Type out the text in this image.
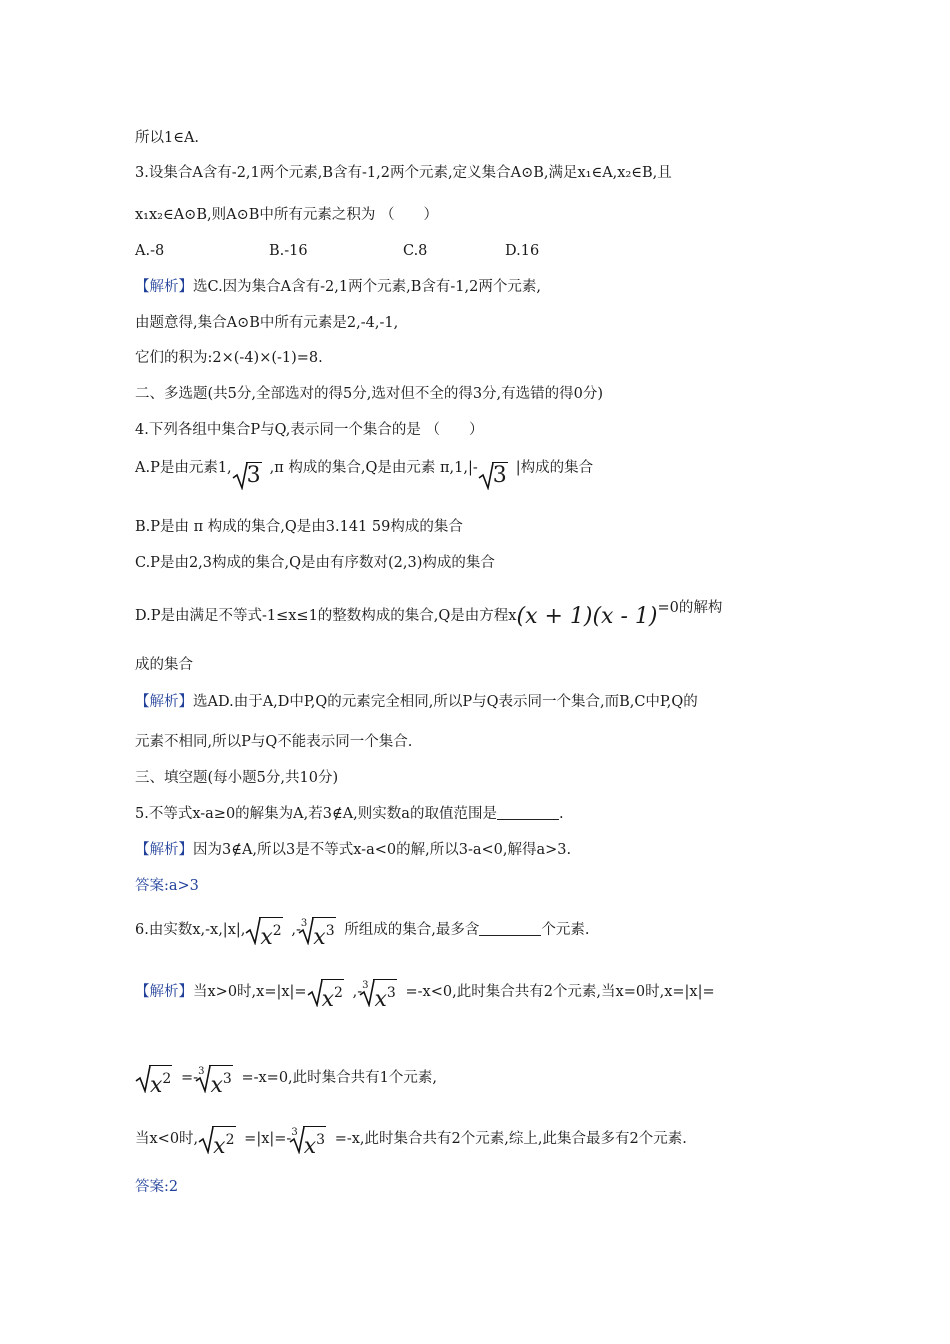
所以1∈A.
3.设集合A含有-2,1两个元素,B含有-1,2两个元素,定义集合A⊙B,满足x₁∈A,x₂∈B,且
x₁x₂∈A⊙B,则A⊙B中所有元素之积为 （　　）
A.-8	B.-16	C.8	D.16
【解析】选C.因为集合A含有-2,1两个元素,B含有-1,2两个元素,
由题意得,集合A⊙B中所有元素是2,-4,-1,
它们的积为:2×(-4)×(-1)=8.
二、多选题(共5分,全部选对的得5分,选对但不全的得3分,有选错的得0分)
4.下列各组中集合P与Q,表示同一个集合的是 （　　）
A.P是由元素1, 3 ,π 构成的集合,Q是由元素 π,1,|- 3 |构成的集合
B.P是由 π 构成的集合,Q是由3.141 59构成的集合
C.P是由2,3构成的集合,Q是由有序数对(2,3)构成的集合
D.P是由满足不等式-1≤x≤1的整数构成的集合,Q是由方程x(x + 1)(x - 1)=0的解构
成的集合
【解析】选AD.由于A,D中P,Q的元素完全相同,所以P与Q表示同一个集合,而B,C中P,Q的
元素不相同,所以P与Q不能表示同一个集合.
三、填空题(每小题5分,共10分)
5.不等式x-a≥0的解集为A,若3∉A,则实数a的取值范围是	.
【解析】因为3∉A,所以3是不等式x-a<0的解,所以3-a<0,解得a>3.
答案:a>3
6.由实数x,-x,|x|, $x^2$ ,-$^3$
$x^3$ 所组成的集合,最多含	个元素.
【解析】当x>0时$,x=|x|= x^2$ ,-$^3$
$x^3 =-x<0$,此时集合共有2个元素,当x=0时,x=|x|=
$x^2 =-^3$
$x^3 =-x=0$,此时集合共有1个元素,
当x<0时, $x^2 =|x|=-^3$
$x^3 =-x$,此时集合共有2个元素,综上,此集合最多有2个元素.
答案:2
